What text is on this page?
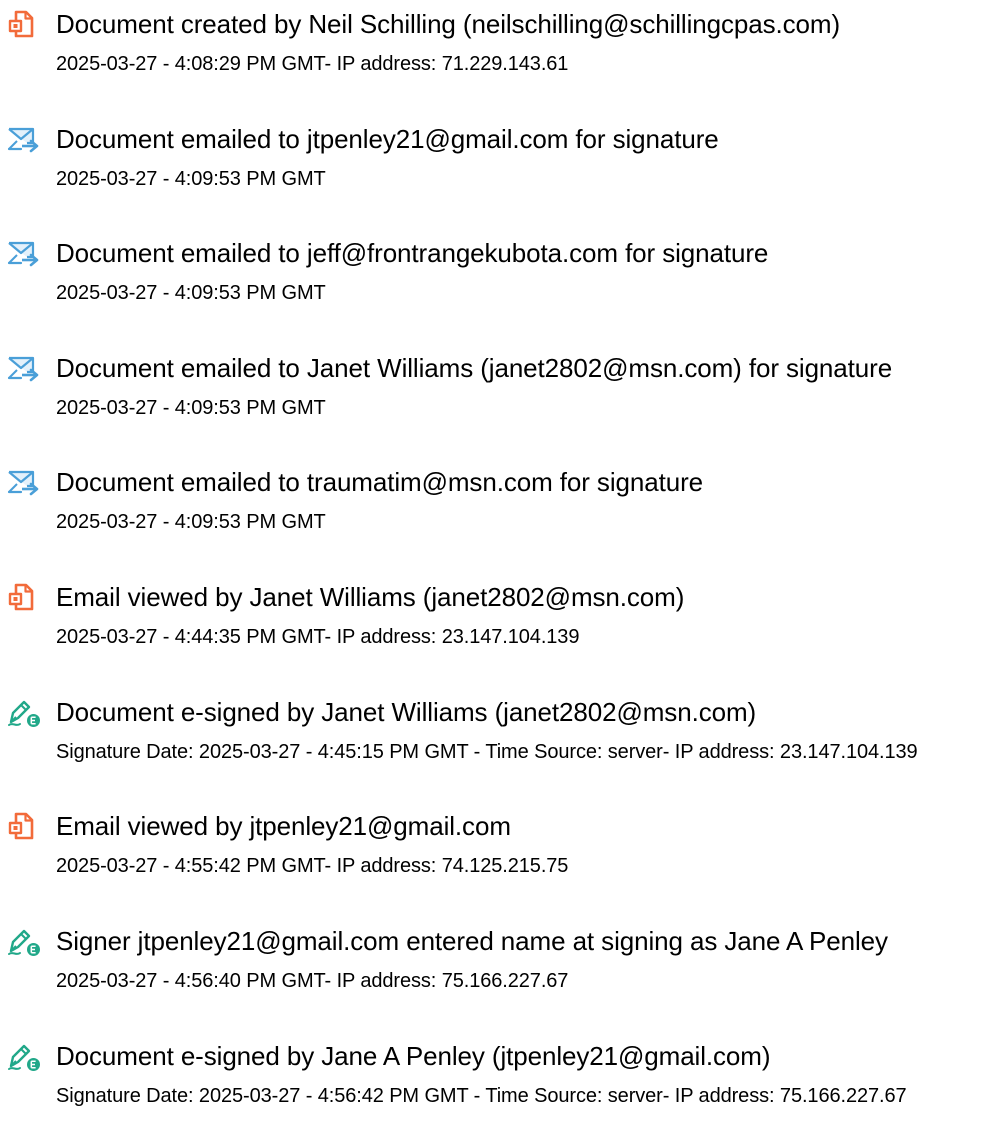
Document created by Neil Schilling (neilschilling@schillingcpas.com)
2025-03-27 - 4:08:29 PM GMT- IP address: 71.229.143.61
Document emailed to jtpenley21@gmail.com for signature
2025-03-27 - 4:09:53 PM GMT
Document emailed to jeff@frontrangekubota.com for signature
2025-03-27 - 4:09:53 PM GMT
Document emailed to Janet Williams (janet2802@msn.com) for signature
2025-03-27 - 4:09:53 PM GMT
Document emailed to traumatim@msn.com for signature
2025-03-27 - 4:09:53 PM GMT
Email viewed by Janet Williams (janet2802@msn.com)
2025-03-27 - 4:44:35 PM GMT- IP address: 23.147.104.139
Document e-signed by Janet Williams (janet2802@msn.com)
Signature Date: 2025-03-27 - 4:45:15 PM GMT - Time Source: server- IP address: 23.147.104.139
Email viewed by jtpenley21@gmail.com
2025-03-27 - 4:55:42 PM GMT- IP address: 74.125.215.75
Signer jtpenley21@gmail.com entered name at signing as Jane A Penley
2025-03-27 - 4:56:40 PM GMT- IP address: 75.166.227.67
Document e-signed by Jane A Penley (jtpenley21@gmail.com)
Signature Date: 2025-03-27 - 4:56:42 PM GMT - Time Source: server- IP address: 75.166.227.67
